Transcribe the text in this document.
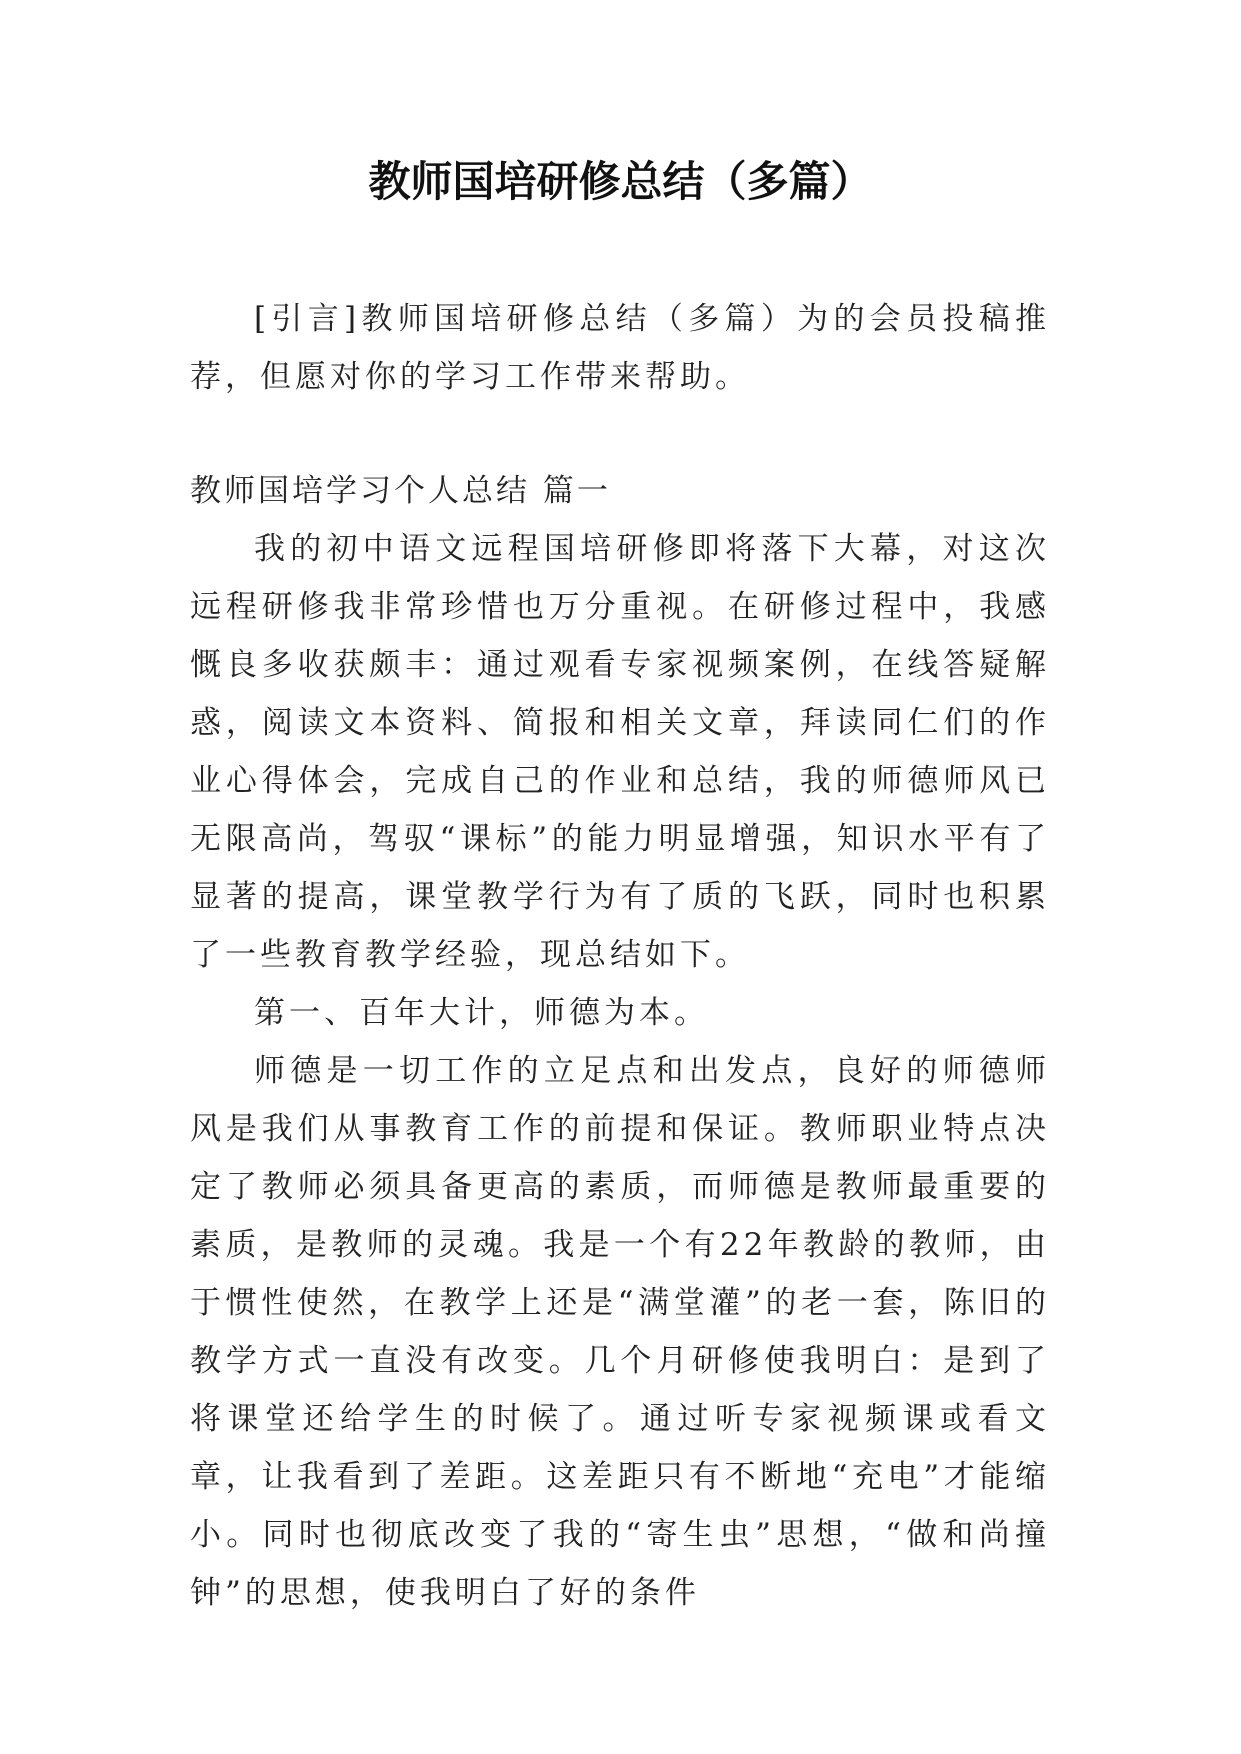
教师国培研修总结（多篇）

[引言]教师国培研修总结（多篇）为的会员投稿推荐，但愿对你的学习工作带来帮助。

教师国培学习个人总结 篇一

我的初中语文远程国培研修即将落下大幕，对这次远程研修我非常珍惜也万分重视。在研修过程中，我感慨良多收获颇丰：通过观看专家视频案例，在线答疑解惑，阅读文本资料、简报和相关文章，拜读同仁们的作业心得体会，完成自己的作业和总结，我的师德师风已无限高尚，驾驭“课标”的能力明显增强，知识水平有了显著的提高，课堂教学行为有了质的飞跃，同时也积累了一些教育教学经验，现总结如下。

第一、百年大计，师德为本。

师德是一切工作的立足点和出发点，良好的师德师风是我们从事教育工作的前提和保证。教师职业特点决定了教师必须具备更高的素质，而师德是教师最重要的素质，是教师的灵魂。我是一个有22年教龄的教师，由于惯性使然，在教学上还是“满堂灌”的老一套，陈旧的教学方式一直没有改变。几个月研修使我明白：是到了将课堂还给学生的时候了。通过听专家视频课或看文章，让我看到了差距。这差距只有不断地“充电”才能缩小。同时也彻底改变了我的“寄生虫”思想，“做和尚撞钟”的思想，使我明白了好的条件
